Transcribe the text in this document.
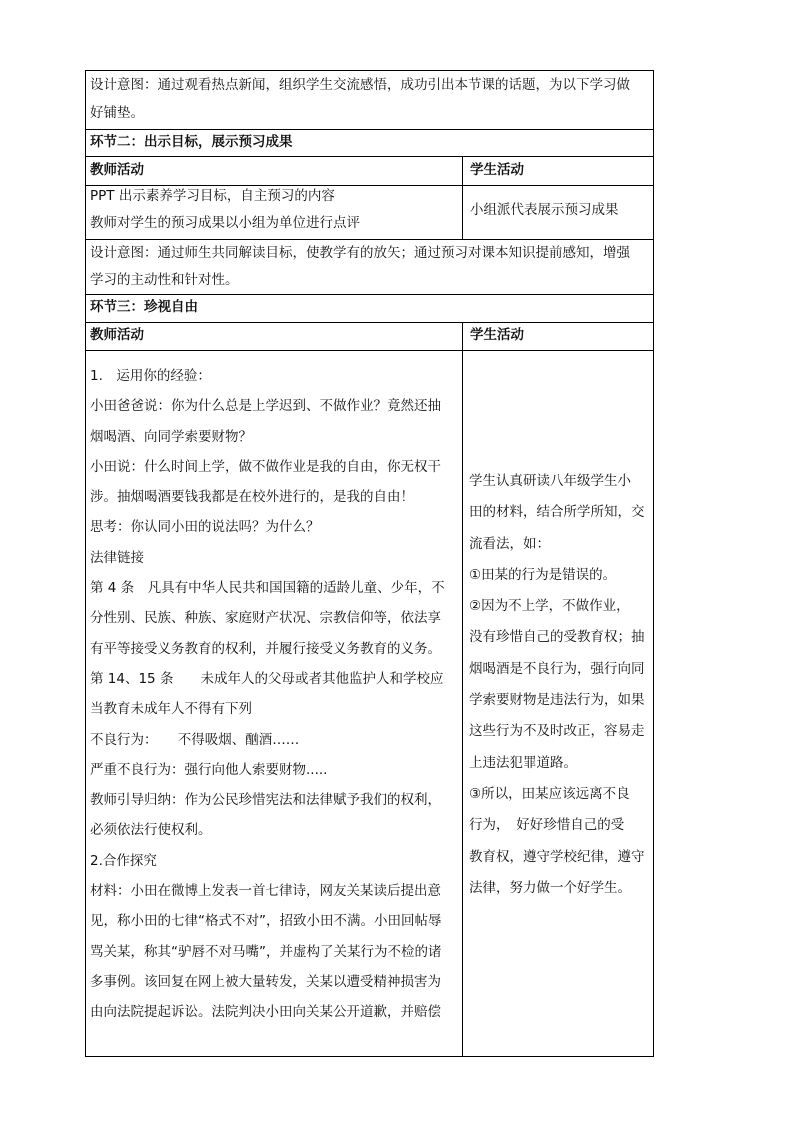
设计意图：通过观看热点新闻，组织学生交流感悟，成功引出本节课的话题，为以下学习做

好铺垫。

环节二：出示目标，展示预习成果
教师活动	学生活动

PPT 出示素养学习目标，自主预习的内容

教师对学生的预习成果以小组为单位进行点评

小组派代表展示预习成果

设计意图：通过师生共同解读目标，使教学有的放矢；通过预习对课本知识提前感知，增强

学习的主动性和针对性。

环节三：珍视自由
教师活动	学生活动

1.　运用你的经验：

小田爸爸说：你为什么总是上学迟到、不做作业？竟然还抽

烟喝酒、向同学索要财物？

小田说：什么时间上学，做不做作业是我的自由，你无权干

涉。抽烟喝酒要钱我都是在校外进行的，是我的自由！

思考：你认同小田的说法吗？为什么？

法律链接

第 4 条　凡具有中华人民共和国国籍的适龄儿童、少年，不

分性别、民族、种族、家庭财产状况、宗教信仰等，依法享

有平等接受义务教育的权利，并履行接受义务教育的义务。

第 14、15 条　　未成年人的父母或者其他监护人和学校应

当教育未成年人不得有下列

不良行为：　　不得吸烟、酗酒……

严重不良行为：强行向他人索要财物.....

教师引导归纳：作为公民珍惜宪法和法律赋予我们的权利，

必须依法行使权利。

2.合作探究

材料：小田在微博上发表一首七律诗，网友关某读后提出意

见，称小田的七律“格式不对”，招致小田不满。小田回帖辱

骂关某，称其“驴唇不对马嘴”，并虚构了关某行为不检的诸

多事例。该回复在网上被大量转发，关某以遭受精神损害为

由向法院提起诉讼。法院判决小田向关某公开道歉，并赔偿

学生认真研读八年级学生小

田的材料，结合所学所知，交

流看法，如：

①田某的行为是错误的。

②因为不上学，不做作业，

没有珍惜自己的受教育权；抽

烟喝酒是不良行为，强行向同

学索要财物是违法行为，如果

这些行为不及时改正，容易走

上违法犯罪道路。

③所以，田某应该远离不良

行为，　好好珍惜自己的受

教育权，遵守学校纪律，遵守

法律，努力做一个好学生。
